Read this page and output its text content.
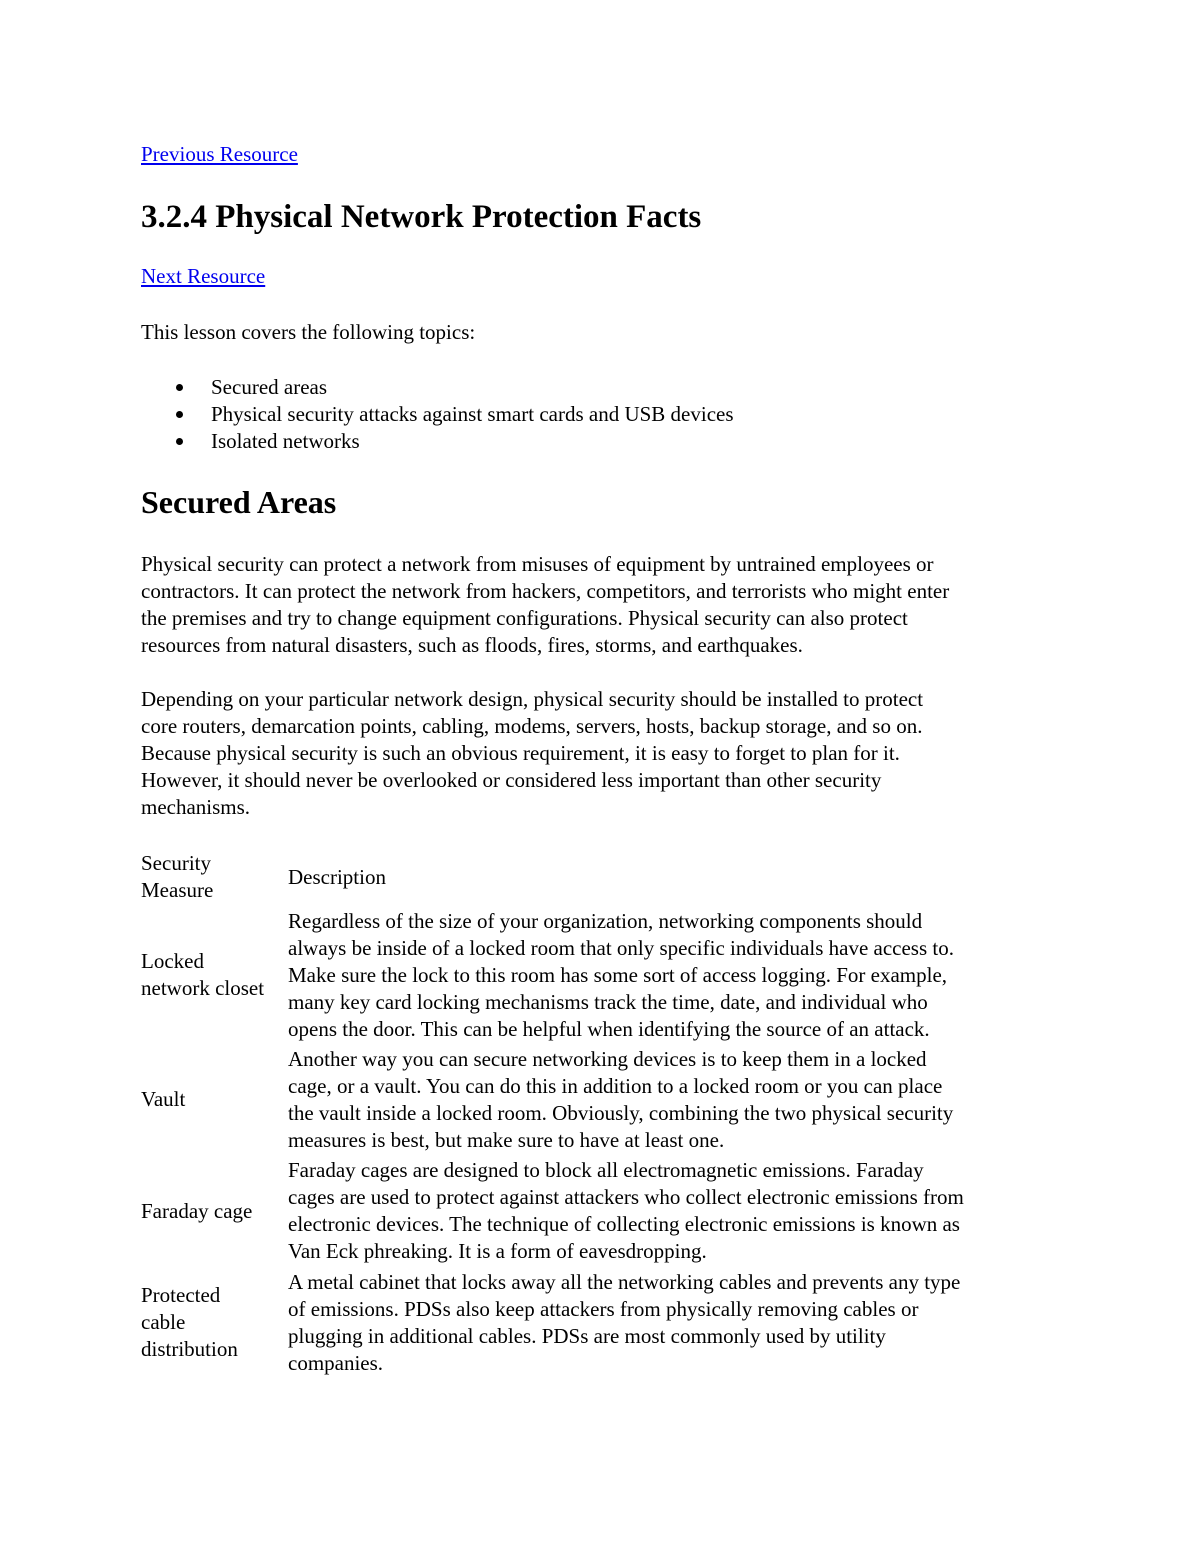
Previous Resource
3.2.4 Physical Network Protection Facts
Next Resource

This lesson covers the following topics:

Secured areas
Physical security attacks against smart cards and USB devices
Isolated networks
Secured Areas

Physical security can protect a network from misuses of equipment by untrained employees or
contractors. It can protect the network from hackers, competitors, and terrorists who might enter
the premises and try to change equipment configurations. Physical security can also protect
resources from natural disasters, such as floods, fires, storms, and earthquakes.

Depending on your particular network design, physical security should be installed to protect
core routers, demarcation points, cabling, modems, servers, hosts, backup storage, and so on.
Because physical security is such an obvious requirement, it is easy to forget to plan for it.
However, it should never be overlooked or considered less important than other security
mechanisms.

Security
Measure
Description
Locked
network closet
Regardless of the size of your organization, networking components should
always be inside of a locked room that only specific individuals have access to.
Make sure the lock to this room has some sort of access logging. For example,
many key card locking mechanisms track the time, date, and individual who
opens the door. This can be helpful when identifying the source of an attack.
Vault
Another way you can secure networking devices is to keep them in a locked
cage, or a vault. You can do this in addition to a locked room or you can place
the vault inside a locked room. Obviously, combining the two physical security
measures is best, but make sure to have at least one.
Faraday cage
Faraday cages are designed to block all electromagnetic emissions. Faraday
cages are used to protect against attackers who collect electronic emissions from
electronic devices. The technique of collecting electronic emissions is known as
Van Eck phreaking. It is a form of eavesdropping.
Protected
cable
distribution
A metal cabinet that locks away all the networking cables and prevents any type
of emissions. PDSs also keep attackers from physically removing cables or
plugging in additional cables. PDSs are most commonly used by utility
companies.
